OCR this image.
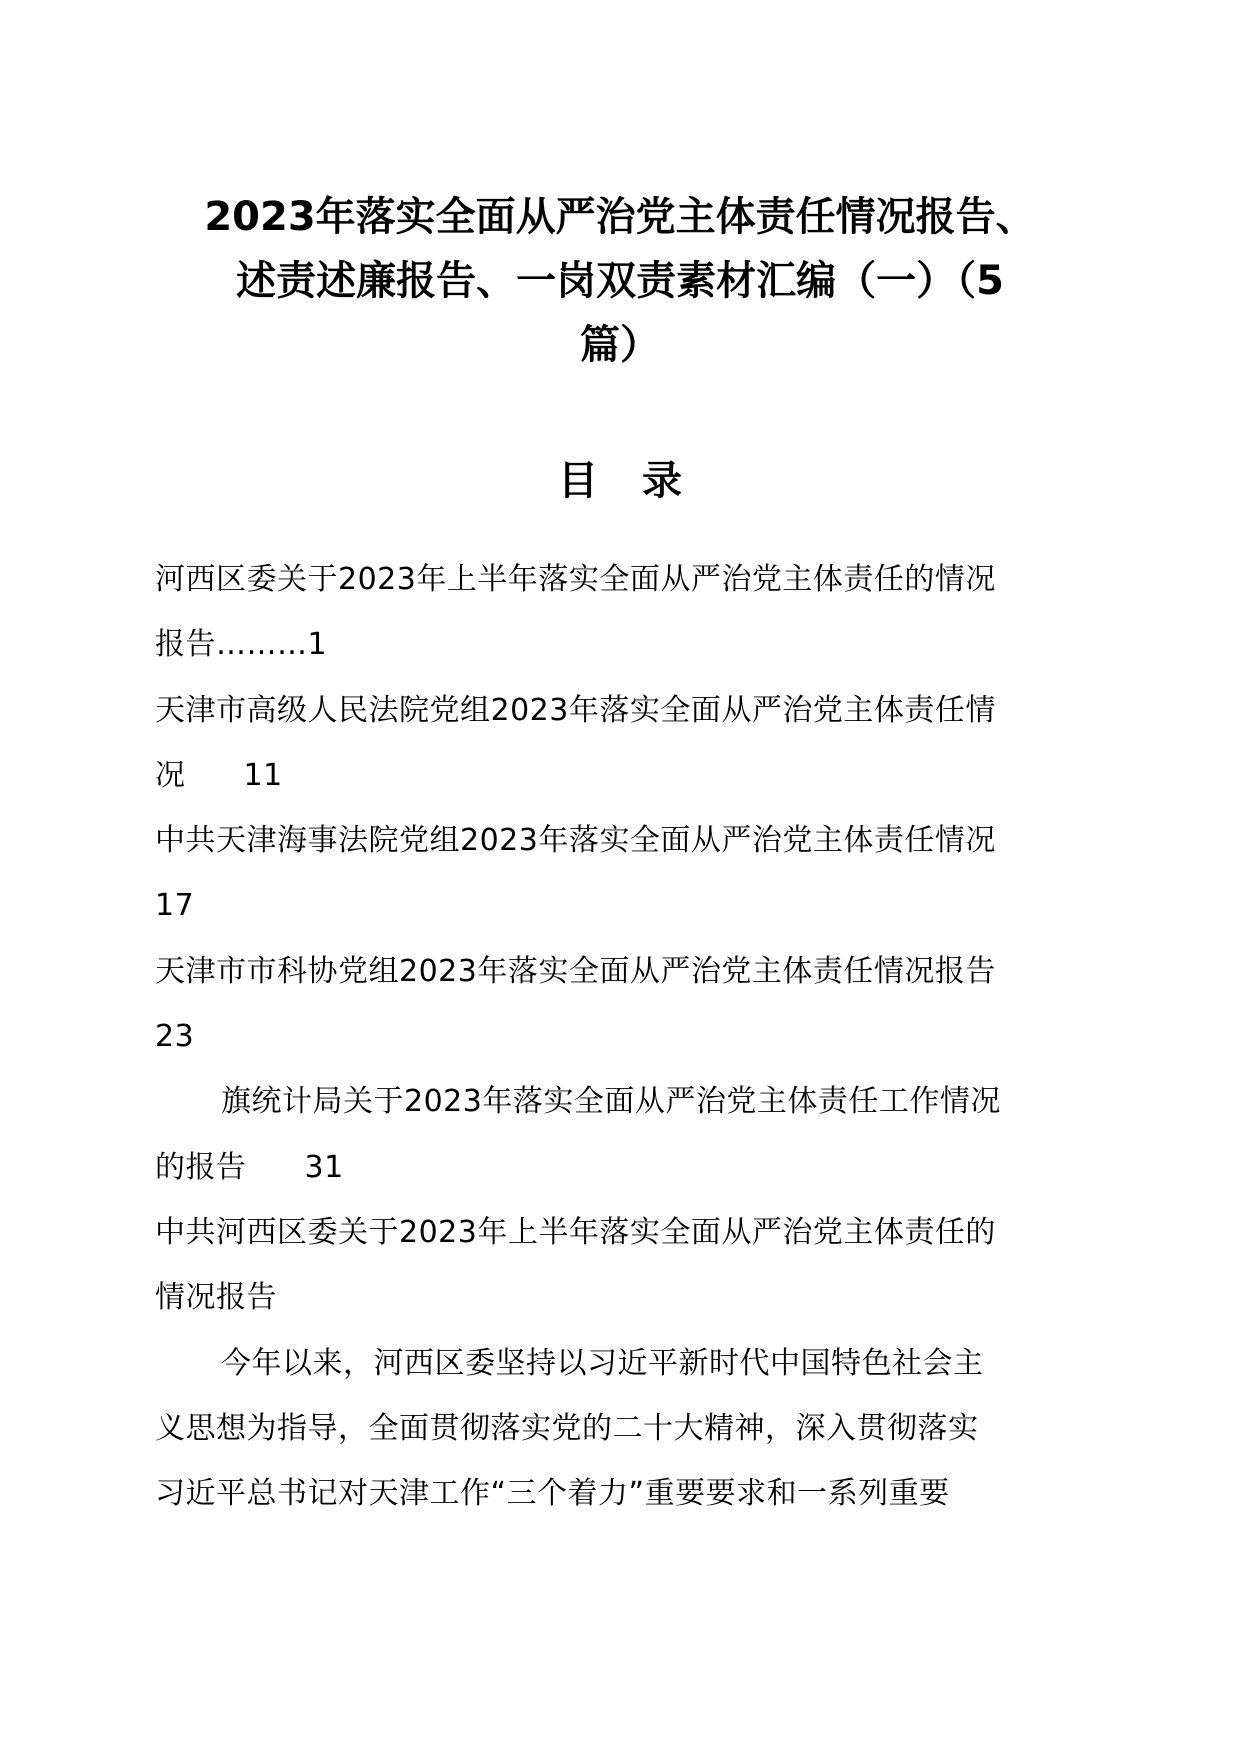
2023年落实全面从严治党主体责任情况报告、
述责述廉报告、一岗双责素材汇编（一）（5
篇）
目录
河西区委关于2023年上半年落实全面从严治党主体责任的情况
报告………1
天津市高级人民法院党组2023年落实全面从严治党主体责任情
况 11
中共天津海事法院党组2023年落实全面从严治党主体责任情况
17
天津市市科协党组2023年落实全面从严治党主体责任情况报告
23
旗统计局关于2023年落实全面从严治党主体责任工作情况
的报告 31
中共河西区委关于2023年上半年落实全面从严治党主体责任的
情况报告
今年以来，河西区委坚持以习近平新时代中国特色社会主
义思想为指导，全面贯彻落实党的二十大精神，深入贯彻落实
习近平总书记对天津工作“三个着力”重要要求和一系列重要
